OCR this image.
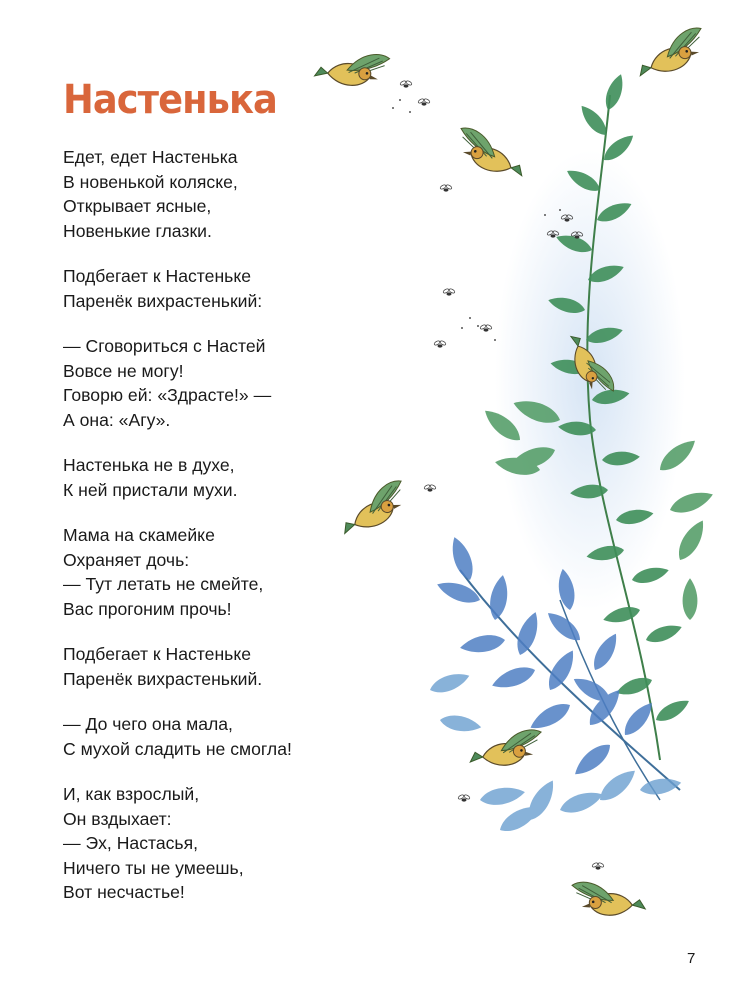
Настенька
Едет, едет Настенька
В новенькой коляске,
Открывает ясные,
Новенькие глазки.
Подбегает к Настеньке
Паренёк вихрастенький:
— Сговориться с Настей
Вовсе не могу!
Говорю ей: «Здрасте!» —
А она: «Агу».
Настенька не в духе,
К ней пристали мухи.
Мама на скамейке
Охраняет дочь:
— Тут летать не смейте,
Вас прогоним прочь!
Подбегает к Настеньке
Паренёк вихрастенький.
— До чего она мала,
С мухой сладить не смогла!
И, как взрослый,
Он вздыхает:
— Эх, Настасья,
Ничего ты не умеешь,
Вот несчастье!
7
